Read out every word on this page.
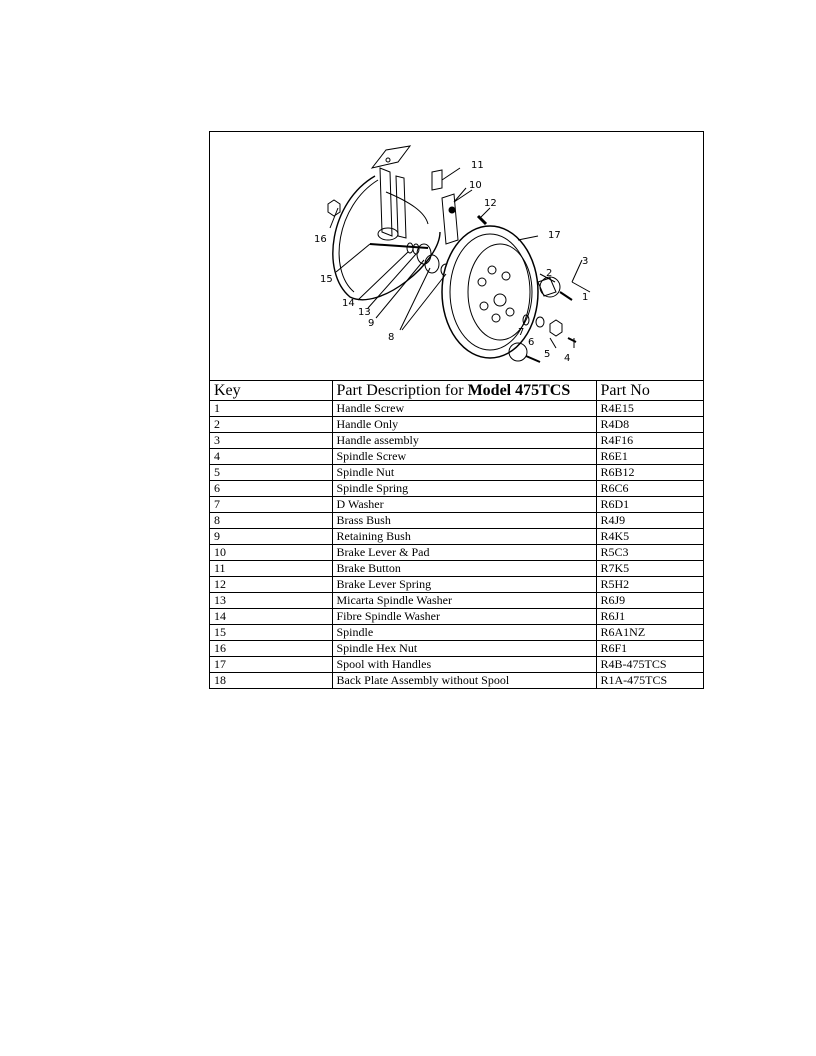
11
10
12
17
3
2
1
16
15
14
13
9
8	7
6
5 4
Key	Part Description for Model 475TCS	Part No
1	Handle Screw	R4E15
2	Handle Only	R4D8
3	Handle assembly	R4F16
4	Spindle Screw	R6E1
5	Spindle Nut	R6B12
6	Spindle Spring	R6C6
7	D Washer	R6D1
8	Brass Bush	R4J9
9	Retaining Bush	R4K5
10	Brake Lever & Pad	R5C3
11	Brake Button	R7K5
12	Brake Lever Spring	R5H2
13	Micarta Spindle Washer	R6J9
14	Fibre Spindle Washer	R6J1
15	Spindle	R6A1NZ
16	Spindle Hex Nut	R6F1
17	Spool with Handles	R4B-475TCS
18	Back Plate Assembly without Spool	R1A-475TCS
